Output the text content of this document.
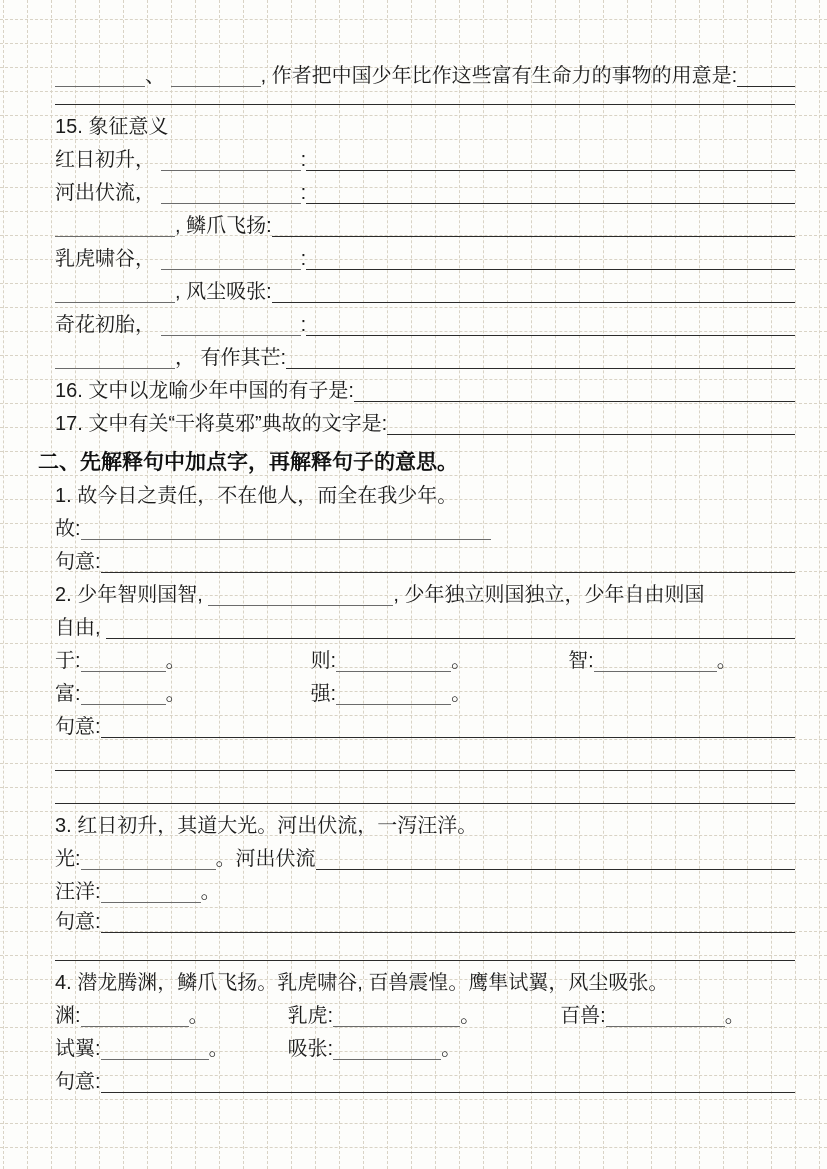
、	, 作者把中国少年比作这些富有生命力的事物的用意是:
15. 象征意义
红日初升，	:
河出伏流，	:
, 鳞爪飞扬:
乳虎啸谷，	:
, 风尘吸张:
奇花初胎，	:
， 有作其芒:
16. 文中以龙喻少年中国的有子是:
17. 文中有关“干将莫邪”典故的文字是:
二、先解释句中加点字，再解释句子的意思。
1. 故今日之责任，不在他人，而全在我少年。
故:
句意:
2. 少年智则国智,	, 少年独立则国独立，少年自由则国
自由,
于:	。	则:	。	智:	。
富:	。	强:	。
句意:
3. 红日初升，其道大光。河出伏流，一泻汪洋。
光:	。河出伏流
汪洋:	。
句意:
4. 潜龙腾渊，鳞爪飞扬。乳虎啸谷, 百兽震惶。鹰隼试翼，风尘吸张。
渊:	。	乳虎:	。	百兽:	。
试翼:	。	吸张:	。
句意:
